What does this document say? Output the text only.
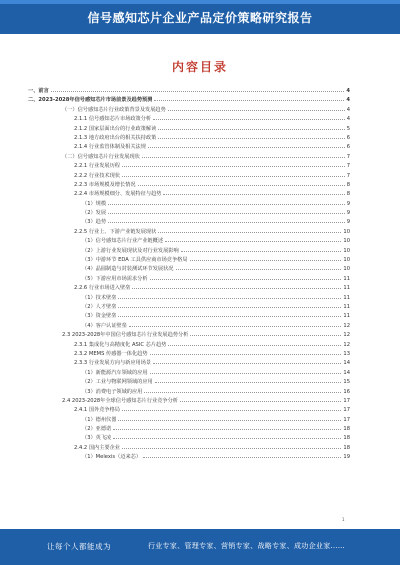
信号感知芯片企业产品定价策略研究报告
内容目录
一、前言	4
二、2023-2028年信号感知芯片市场前景及趋势预测	4
（一）信号感知芯片行业政策背景及发展趋势	4
2.1.1 信号感知芯片市场政策分析	4
2.1.2 国家层面出台的行业政策解读	5
2.1.3 地方政府出台的相关扶持政策	6
2.1.4 行业监管体制及相关法规	6
（二）信号感知芯片行业发展现状	7
2.2.1 行业发展历程	7
2.2.2 行业技术现状	7
2.2.3 市场规模及增长情况	8
2.2.4 市场规模细分、发展特征与趋势	8
（1）规模	9
（2）发展	9
（3）趋势	9
2.2.5 行业上、下游产业链发展现状	10
（1）信号感知芯片行业产业链概述	10
（2）上游行业发展现状及对行业发展影响	10
（3）中游环节 EDA 工具供应商市场竞争格局	10
（4）晶圆制造与封装测试环节发展状况	10
（5）下游应用市场需求分析	11
2.2.6 行业市场进入壁垒	11
（1）技术壁垒	11
（2）人才壁垒	11
（3）资金壁垒	11
（4）客户认证壁垒	12
2.3 2023-2028年中国信号感知芯片行业发展趋势分析	12
2.3.1 集成化与高精度化 ASIC 芯片趋势	12
2.3.2 MEMS 传感器一体化趋势	13
2.3.3 行业发展方向与新应用场景	14
（1）新能源汽车领域的应用	14
（2）工业与物联网领域的应用	15
（3）消费电子领域的应用	16
2.4 2023-2028年全球信号感知芯片行业竞争分析	17
2.4.1 国外竞争格局	17
（1）德州仪器	17
（2）亚德诺	18
（3）英飞凌	18
2.4.2 国内主要企业	18
（1）Melexis（迈来芯）	19
1
让每个人都能成为	行业专家、管理专家、营销专家、战略专家、成功企业家……
